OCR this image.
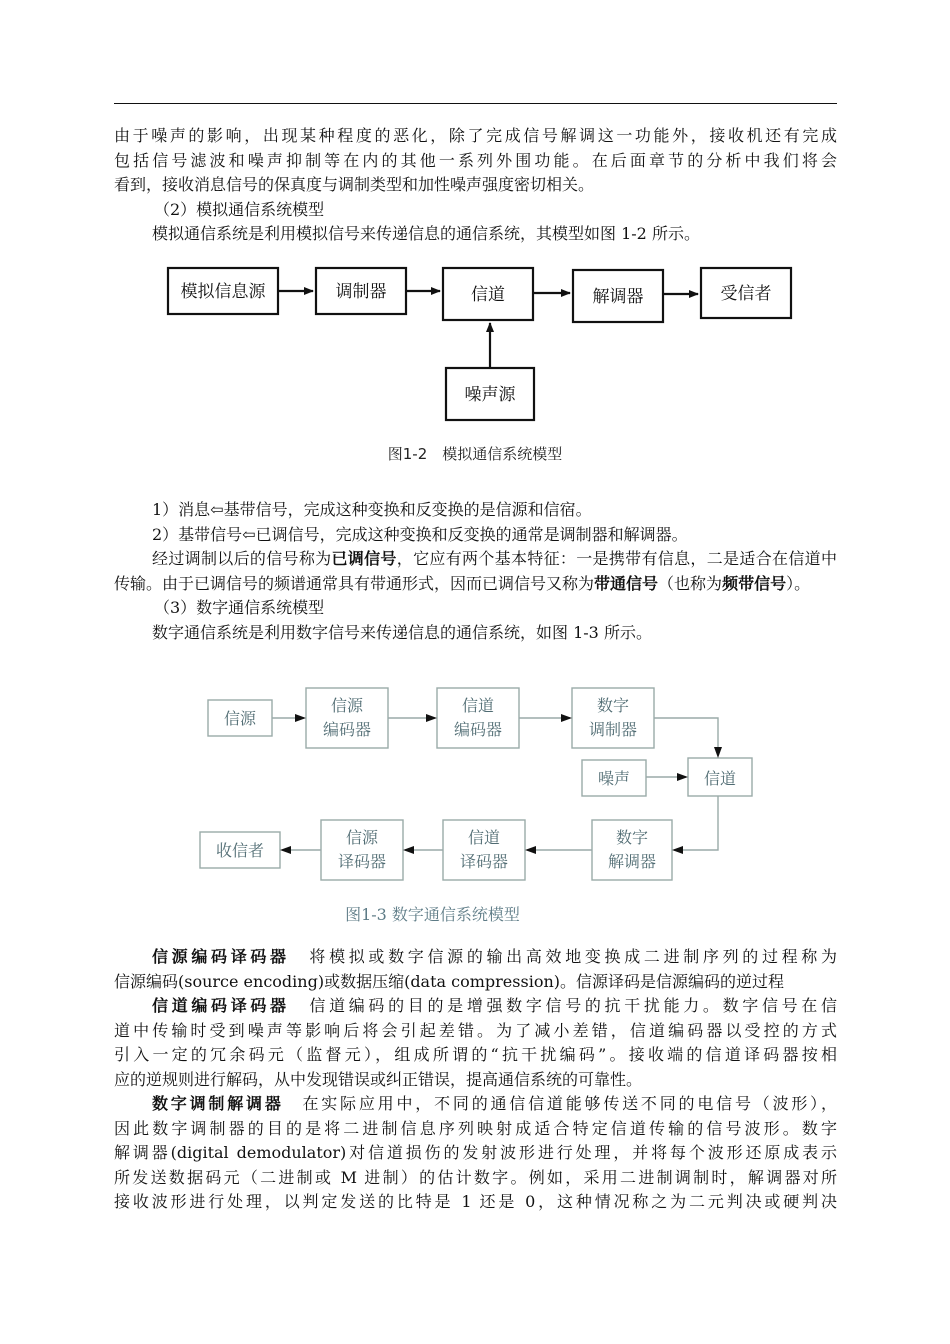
由于噪声的影响，出现某种程度的恶化，除了完成信号解调这一功能外，接收机还有完成

包括信号滤波和噪声抑制等在内的其他一系列外围功能。在后面章节的分析中我们将会

看到，接收消息信号的保真度与调制类型和加性噪声强度密切相关。

（2）模拟通信系统模型

模拟通信系统是利用模拟信号来传递信息的通信系统，其模型如图 1-2 所示。

模拟信息源	调制器	信道	解调器	受信者
噪声源
图1-2　模拟通信系统模型

1）消息⇦基带信号，完成这种变换和反变换的是信源和信宿。

2）基带信号⇦已调信号，完成这种变换和反变换的通常是调制器和解调器。

经过调制以后的信号称为已调信号，它应有两个基本特征：一是携带有信息，二是适合在信道中传输。由于已调信号的频谱通常具有带通形式，因而已调信号又称为带通信号（也称为频带信号）。

（3）数字通信系统模型

数字通信系统是利用数字信号来传递信息的通信系统，如图 1-3 所示。

信源
信源
编码器
信道
编码器
数字
调制器
噪声	信道
数字
解调器
信道
译码器
信源
译码器
收信者
图1-3 数字通信系统模型

信源编码译码器　将模拟或数字信源的输出高效地变换成二进制序列的过程称为

信源编码(source encoding)或数据压缩(data compression)。信源译码是信源编码的逆过程

信道编码译码器　信道编码的目的是增强数字信号的抗干扰能力。数字信号在信

道中传输时受到噪声等影响后将会引起差错。为了减小差错，信道编码器以受控的方式

引入一定的冗余码元（监督元），组成所谓的“抗干扰编码”。接收端的信道译码器按相

应的逆规则进行解码，从中发现错误或纠正错误，提高通信系统的可靠性。

数字调制解调器　在实际应用中，不同的通信信道能够传送不同的电信号（波形），

因此数字调制器的目的是将二进制信息序列映射成适合特定信道传输的信号波形。数字

解调器(digital demodulator)对信道损伤的发射波形进行处理，并将每个波形还原成表示

所发送数据码元（二进制或 M 进制）的估计数字。例如，采用二进制调制时，解调器对所

接收波形进行处理，以判定发送的比特是 1 还是 0，这种情况称之为二元判决或硬判决
